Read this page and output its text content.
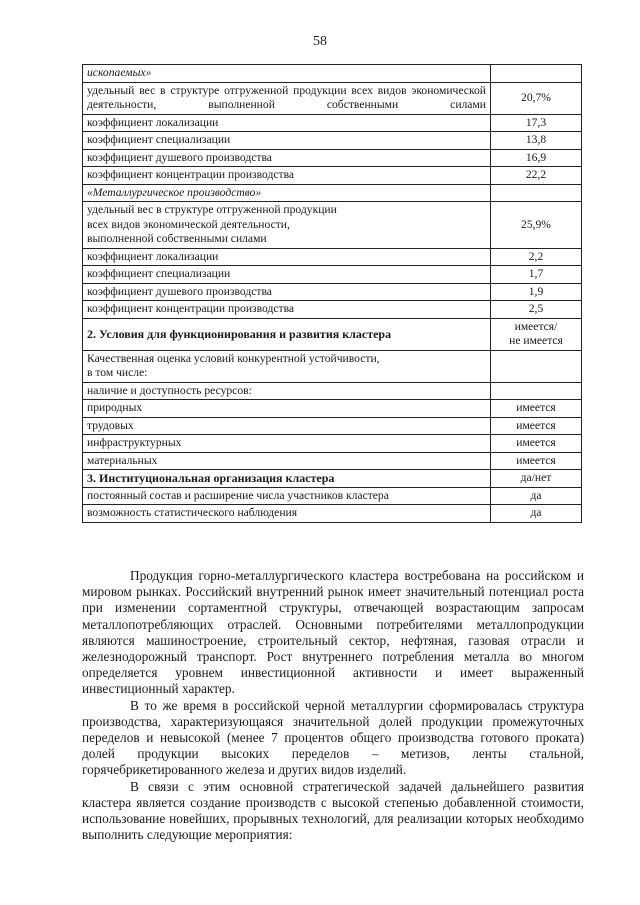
58
ископаемых»	
удельный вес в структуре отгруженной продукции всех видов экономической деятельности, выполненной собственными силами	20,7%
коэффициент локализации	17,3
коэффициент специализации	13,8
коэффициент душевого производства	16,9
коэффициент концентрации производства	22,2
«Металлургическое производство»	
удельный вес в структуре отгруженной продукции
всех видов экономической деятельности,
выполненной собственными силами	25,9%
коэффициент локализации	2,2
коэффициент специализации	1,7
коэффициент душевого производства	1,9
коэффициент концентрации производства	2,5
2. Условия для функционирования и развития кластера	имеется/
не имеется
Качественная оценка условий конкурентной устойчивости,
в том числе:	
наличие и доступность ресурсов:	
природных	имеется
трудовых	имеется
инфраструктурных	имеется
материальных	имеется
3. Институциональная организация кластера	да/нет
постоянный состав и расширение числа участников кластера	да
возможность статистического наблюдения	да

Продукция горно-металлургического кластера востребована на российском и мировом рынках. Российский внутренний рынок имеет значительный потенциал роста при изменении сортаментной структуры, отвечающей возрастающим запросам металлопотребляющих отраслей. Основными потребителями металлопродукции являются машиностроение, строительный сектор, нефтяная, газовая отрасли и железнодорожный транспорт. Рост внутреннего потребления металла во многом определяется уровнем инвестиционной активности и имеет выраженный инвестиционный характер.

В то же время в российской черной металлургии сформировалась структура производства, характеризующаяся значительной долей продукции промежуточных переделов и невысокой (менее 7 процентов общего производства готового проката) долей продукции высоких переделов – метизов, ленты стальной, горячебрикетированного железа и других видов изделий.

В связи с этим основной стратегической задачей дальнейшего развития кластера является создание производств с высокой степенью добавленной стоимости, использование новейших, прорывных технологий, для реализации которых необходимо выполнить следующие мероприятия:
